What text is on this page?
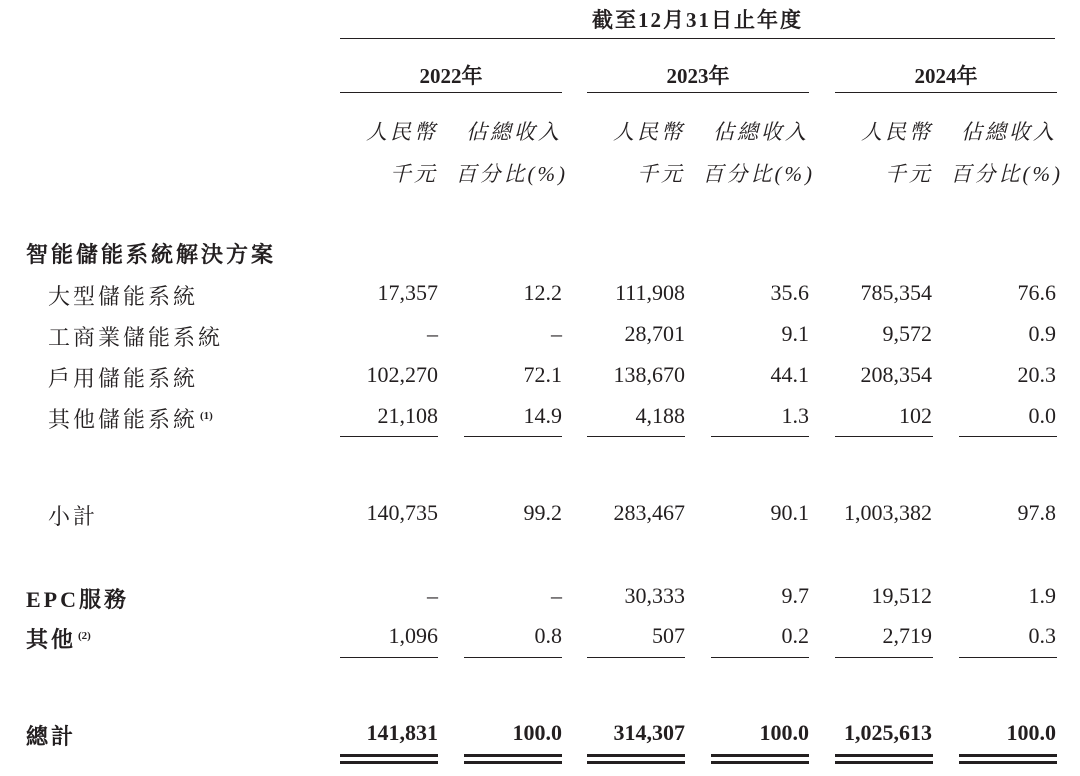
截至12月31日止年度
2022年	2023年	2024年
人民幣	佔總收入
千元 百分比(%)
人民幣	佔總收入
千元 百分比(%)
人民幣	佔總收入
千元 百分比(%)
智能儲能系統解決方案
大型儲能系統	17,357	12.2	111,908	35.6	785,354	76.6
工商業儲能系統	–	–	28,701	9.1	9,572	0.9
戶用儲能系統	102,270	72.1	138,670	44.1	208,354	20.3
其他儲能系統 $^{(1)}$	21,108	14.9	4,188	1.3	102	0.0
小計	140,735	99.2	283,467	90.1	1,003,382	97.8
EPC服務	–	–	30,333	9.7	19,512	1.9
其他 $^{(2)}$	1,096	0.8	507	0.2	2,719	0.3
總計	141,831	100.0	314,307	100.0	1,025,613	100.0
